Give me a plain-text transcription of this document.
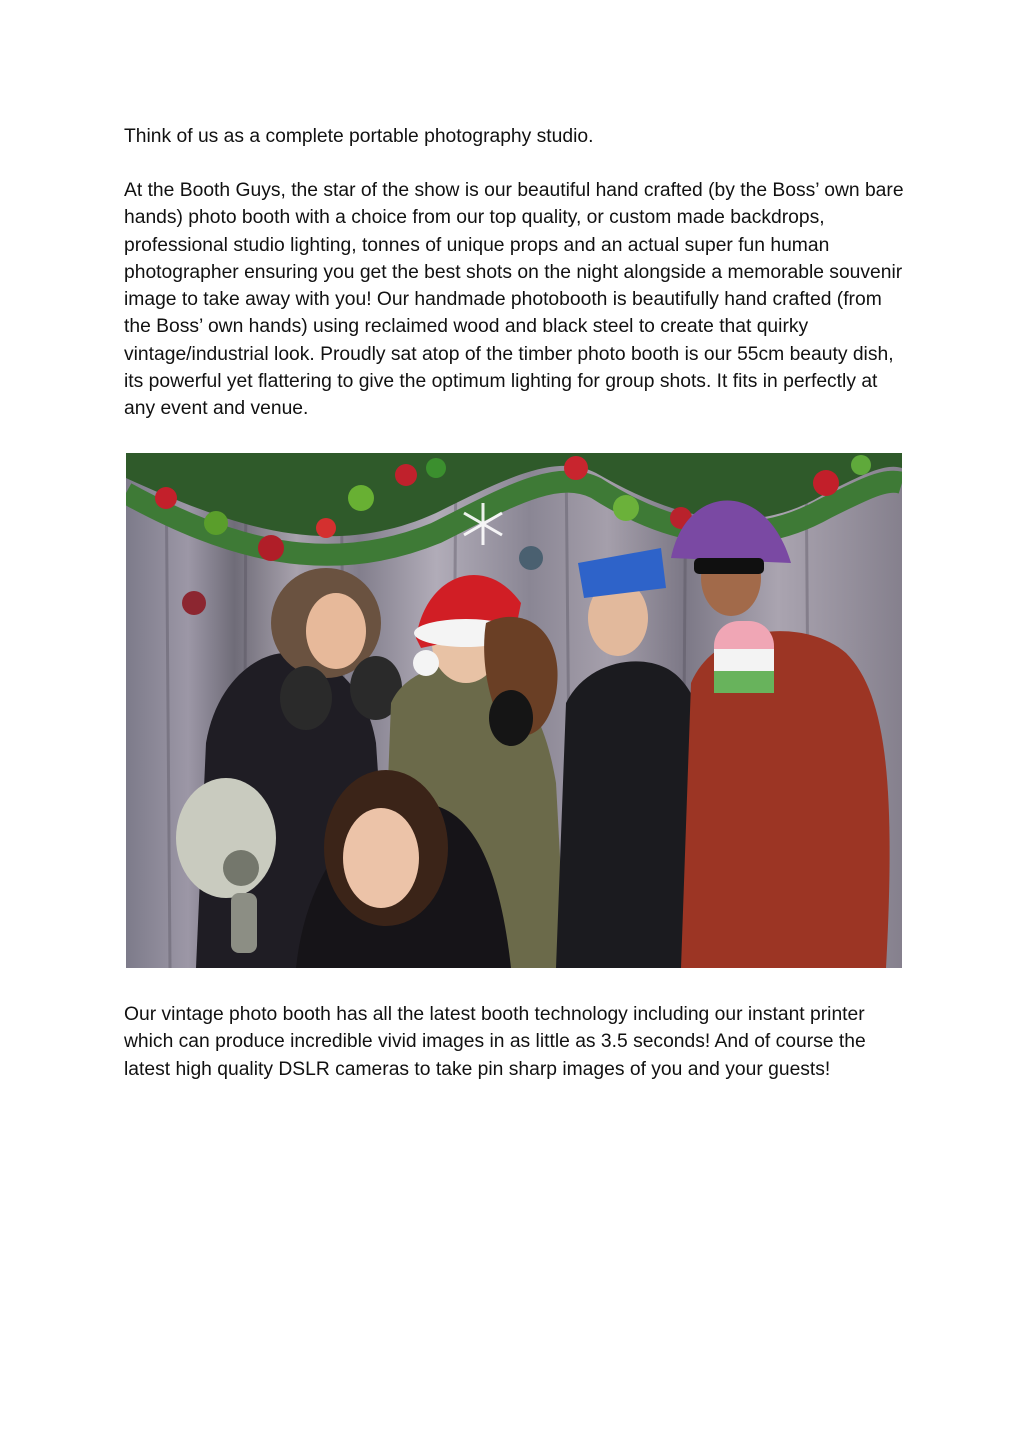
Think of us as a complete portable photography studio.

At the Booth Guys, the star of the show is our beautiful hand crafted (by the Boss’ own bare hands) photo booth with a choice from our top quality, or custom made backdrops, professional studio lighting, tonnes of unique props and an actual super fun human photographer ensuring you get the best shots on the night alongside a memorable souvenir image to take away with you! Our handmade photobooth is beautifully hand crafted (from the Boss’ own hands) using reclaimed wood and black steel to create that quirky vintage/industrial look. Proudly sat atop of the timber photo booth is our 55cm beauty dish, its powerful yet flattering to give the optimum lighting for group shots. It fits in perfectly at any event and venue.

Our vintage photo booth has all the latest booth technology including our instant printer which can produce incredible vivid images in as little as 3.5 seconds! And of course the latest high quality DSLR cameras to take pin sharp images of you and your guests!
